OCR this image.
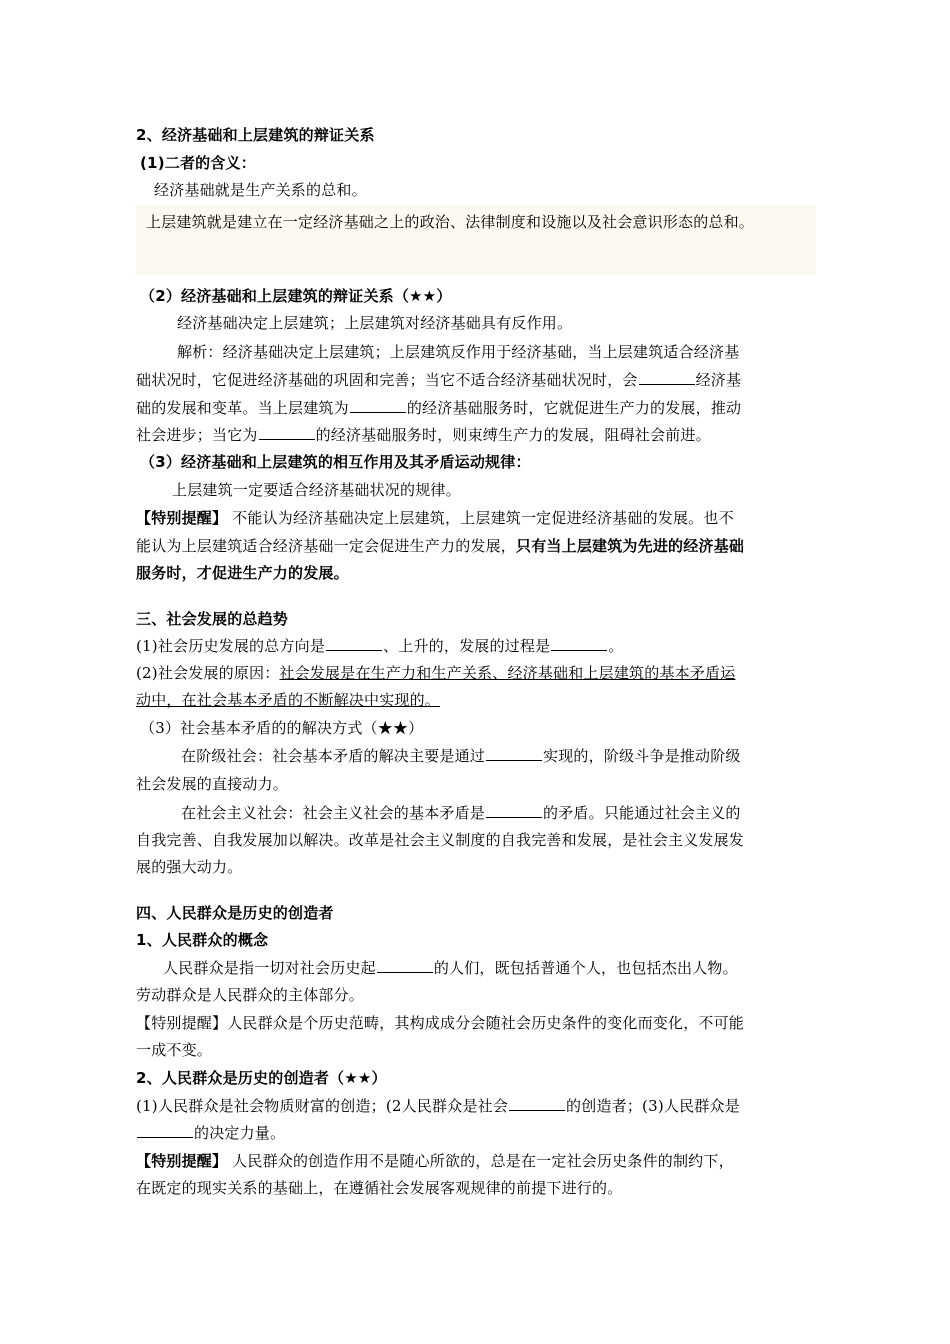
2、经济基础和上层建筑的辩证关系
(1)二者的含义：
经济基础就是生产关系的总和。
上层建筑就是建立在一定经济基础之上的政治、法律制度和设施以及社会意识形态的总和。
（2）经济基础和上层建筑的辩证关系（★★）
经济基础决定上层建筑；上层建筑对经济基础具有反作用。
解析：经济基础决定上层建筑；上层建筑反作用于经济基础，当上层建筑适合经济基
础状况时，它促进经济基础的巩固和完善；当它不适合经济基础状况时，会	经济基
础的发展和变革。当上层建筑为	的经济基础服务时，它就促进生产力的发展，推动
社会进步；当它为	的经济基础服务时，则束缚生产力的发展，阻碍社会前进。
（3）经济基础和上层建筑的相互作用及其矛盾运动规律：
上层建筑一定要适合经济基础状况的规律。
【特别提醒】 不能认为经济基础决定上层建筑，上层建筑一定促进经济基础的发展。也不
能认为上层建筑适合经济基础一定会促进生产力的发展，只有当上层建筑为先进的经济基础
服务时，才促进生产力的发展。
三、社会发展的总趋势
(1)社会历史发展的总方向是	、上升的，发展的过程是	。
(2)社会发展的原因：社会发展是在生产力和生产关系、经济基础和上层建筑的基本矛盾运
动中，在社会基本矛盾的不断解决中实现的。
（3）社会基本矛盾的的解决方式（★★）
在阶级社会：社会基本矛盾的解决主要是通过	实现的，阶级斗争是推动阶级
社会发展的直接动力。
在社会主义社会：社会主义社会的基本矛盾是	的矛盾。只能通过社会主义的
自我完善、自我发展加以解决。改革是社会主义制度的自我完善和发展，是社会主义发展发
展的强大动力。
四、人民群众是历史的创造者
1、人民群众的概念
人民群众是指一切对社会历史起	的人们，既包括普通个人，也包括杰出人物。
劳动群众是人民群众的主体部分。
【特别提醒】人民群众是个历史范畴，其构成成分会随社会历史条件的变化而变化，不可能
一成不变。
2、人民群众是历史的创造者（★★）
(1)人民群众是社会物质财富的创造；(2人民群众是社会	的创造者；(3)人民群众是
的决定力量。
【特别提醒】 人民群众的创造作用不是随心所欲的，总是在一定社会历史条件的制约下，
在既定的现实关系的基础上，在遵循社会发展客观规律的前提下进行的。
